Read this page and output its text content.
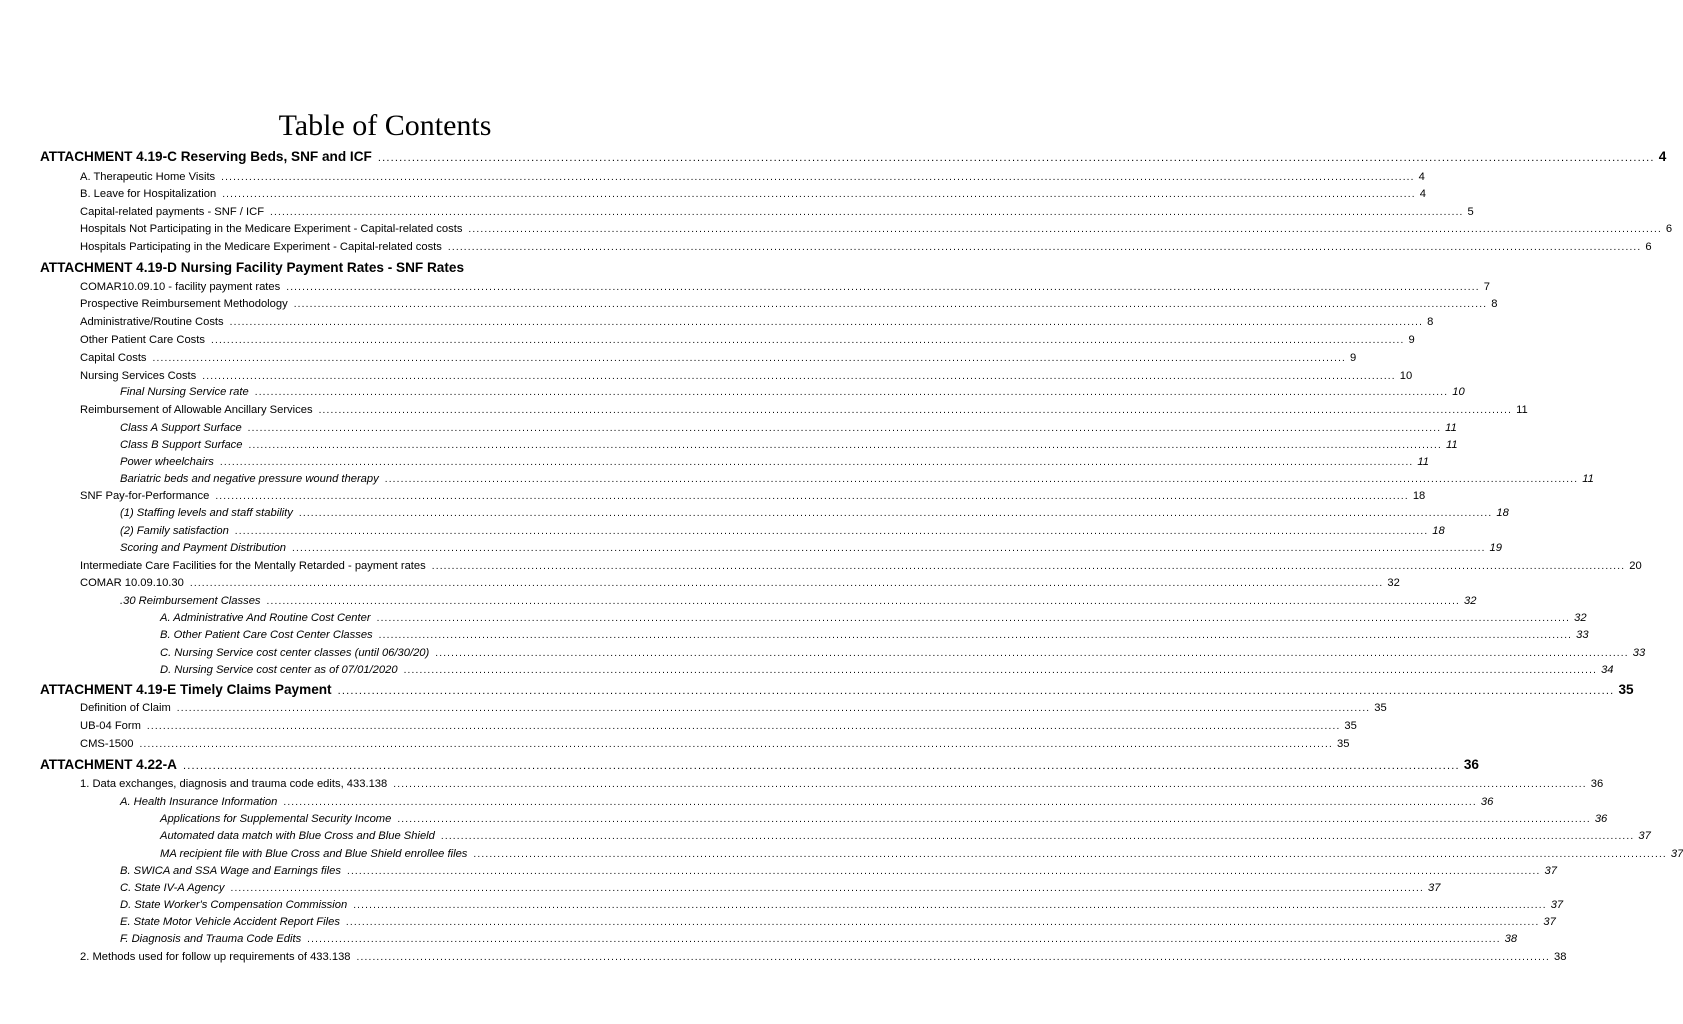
Table of Contents
ATTACHMENT 4.19-C Reserving Beds, SNF and ICF ............................................................................................................................................................................................................................................................................................................ 4
A. Therapeutic Home Visits ............................................................................................................................................................................................................................................................................................................ 4
B. Leave for Hospitalization ............................................................................................................................................................................................................................................................................................................ 4
Capital-related payments - SNF / ICF ............................................................................................................................................................................................................................................................................................................ 5
Hospitals Not Participating in the Medicare Experiment - Capital-related costs ............................................................................................................................................................................................................................................................................................................ 6
Hospitals Participating in the Medicare Experiment - Capital-related costs ............................................................................................................................................................................................................................................................................................................ 6
ATTACHMENT 4.19-D Nursing Facility Payment Rates - SNF Rates
COMAR10.09.10 - facility payment rates ............................................................................................................................................................................................................................................................................................................ 7
Prospective Reimbursement Methodology ............................................................................................................................................................................................................................................................................................................ 8
Administrative/Routine Costs ............................................................................................................................................................................................................................................................................................................ 8
Other Patient Care Costs ............................................................................................................................................................................................................................................................................................................ 9
Capital Costs ............................................................................................................................................................................................................................................................................................................ 9
Nursing Services Costs ............................................................................................................................................................................................................................................................................................................ 10
Final Nursing Service rate ............................................................................................................................................................................................................................................................................................................ 10
Reimbursement of Allowable Ancillary Services ............................................................................................................................................................................................................................................................................................................ 11
Class A Support Surface ............................................................................................................................................................................................................................................................................................................ 11
Class B Support Surface ............................................................................................................................................................................................................................................................................................................ 11
Power wheelchairs ............................................................................................................................................................................................................................................................................................................ 11
Bariatric beds and negative pressure wound therapy ............................................................................................................................................................................................................................................................................................................ 11
SNF Pay-for-Performance ............................................................................................................................................................................................................................................................................................................ 18
(1) Staffing levels and staff stability ............................................................................................................................................................................................................................................................................................................ 18
(2) Family satisfaction ............................................................................................................................................................................................................................................................................................................ 18
Scoring and Payment Distribution ............................................................................................................................................................................................................................................................................................................ 19
Intermediate Care Facilities for the Mentally Retarded - payment rates ............................................................................................................................................................................................................................................................................................................ 20
COMAR 10.09.10.30 ............................................................................................................................................................................................................................................................................................................ 32
.30 Reimbursement Classes ............................................................................................................................................................................................................................................................................................................ 32
A. Administrative And Routine Cost Center ............................................................................................................................................................................................................................................................................................................ 32
B. Other Patient Care Cost Center Classes ............................................................................................................................................................................................................................................................................................................ 33
C. Nursing Service cost center classes (until 06/30/20) ............................................................................................................................................................................................................................................................................................................ 33
D. Nursing Service cost center as of 07/01/2020 ............................................................................................................................................................................................................................................................................................................ 34
ATTACHMENT 4.19-E Timely Claims Payment ............................................................................................................................................................................................................................................................................................................ 35
Definition of Claim ............................................................................................................................................................................................................................................................................................................ 35
UB-04 Form ............................................................................................................................................................................................................................................................................................................ 35
CMS-1500 ............................................................................................................................................................................................................................................................................................................ 35
ATTACHMENT 4.22-A ............................................................................................................................................................................................................................................................................................................ 36
1. Data exchanges, diagnosis and trauma code edits, 433.138 ............................................................................................................................................................................................................................................................................................................ 36
A. Health Insurance Information ............................................................................................................................................................................................................................................................................................................ 36
Applications for Supplemental Security Income ............................................................................................................................................................................................................................................................................................................ 36
Automated data match with Blue Cross and Blue Shield ............................................................................................................................................................................................................................................................................................................ 37
MA recipient file with Blue Cross and Blue Shield enrollee files ............................................................................................................................................................................................................................................................................................................ 37
B. SWICA and SSA Wage and Earnings files ............................................................................................................................................................................................................................................................................................................ 37
C. State IV-A Agency ............................................................................................................................................................................................................................................................................................................ 37
D. State Worker's Compensation Commission ............................................................................................................................................................................................................................................................................................................ 37
E. State Motor Vehicle Accident Report Files ............................................................................................................................................................................................................................................................................................................ 37
F. Diagnosis and Trauma Code Edits ............................................................................................................................................................................................................................................................................................................ 38
2. Methods used for follow up requirements of 433.138 ............................................................................................................................................................................................................................................................................................................ 38
